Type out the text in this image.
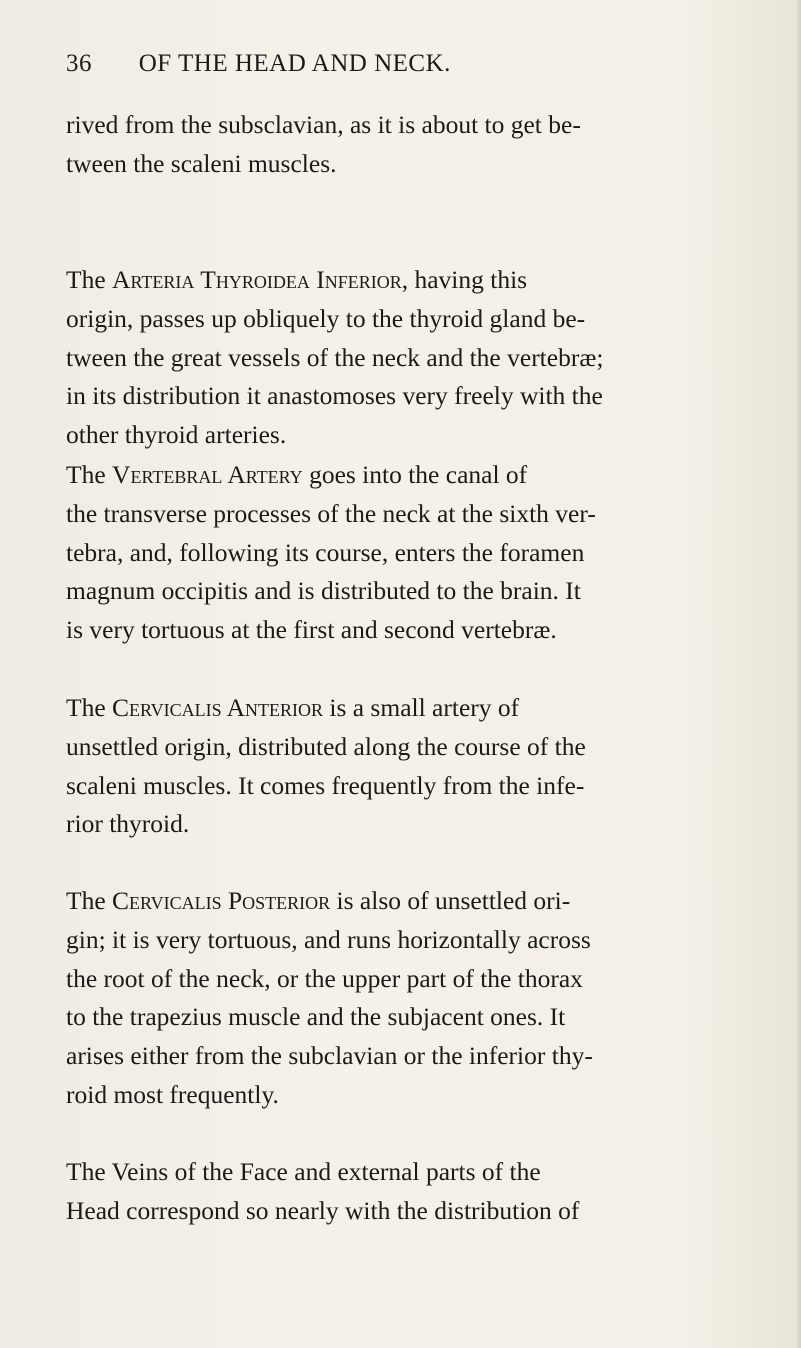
36 OF THE HEAD AND NECK.
rived from the subsclavian, as it is about to get be-
tween the scaleni muscles.
The Arteria Thyroidea Inferior, having this
origin, passes up obliquely to the thyroid gland be-
tween the great vessels of the neck and the vertebræ;
in its distribution it anastomoses very freely with the
other thyroid arteries.
The Vertebral Artery goes into the canal of
the transverse processes of the neck at the sixth ver-
tebra, and, following its course, enters the foramen
magnum occipitis and is distributed to the brain. It
is very tortuous at the first and second vertebræ.
The Cervicalis Anterior is a small artery of
unsettled origin, distributed along the course of the
scaleni muscles. It comes frequently from the infe-
rior thyroid.
The Cervicalis Posterior is also of unsettled ori-
gin; it is very tortuous, and runs horizontally across
the root of the neck, or the upper part of the thorax
to the trapezius muscle and the subjacent ones. It
arises either from the subclavian or the inferior thy-
roid most frequently.
The Veins of the Face and external parts of the
Head correspond so nearly with the distribution of
